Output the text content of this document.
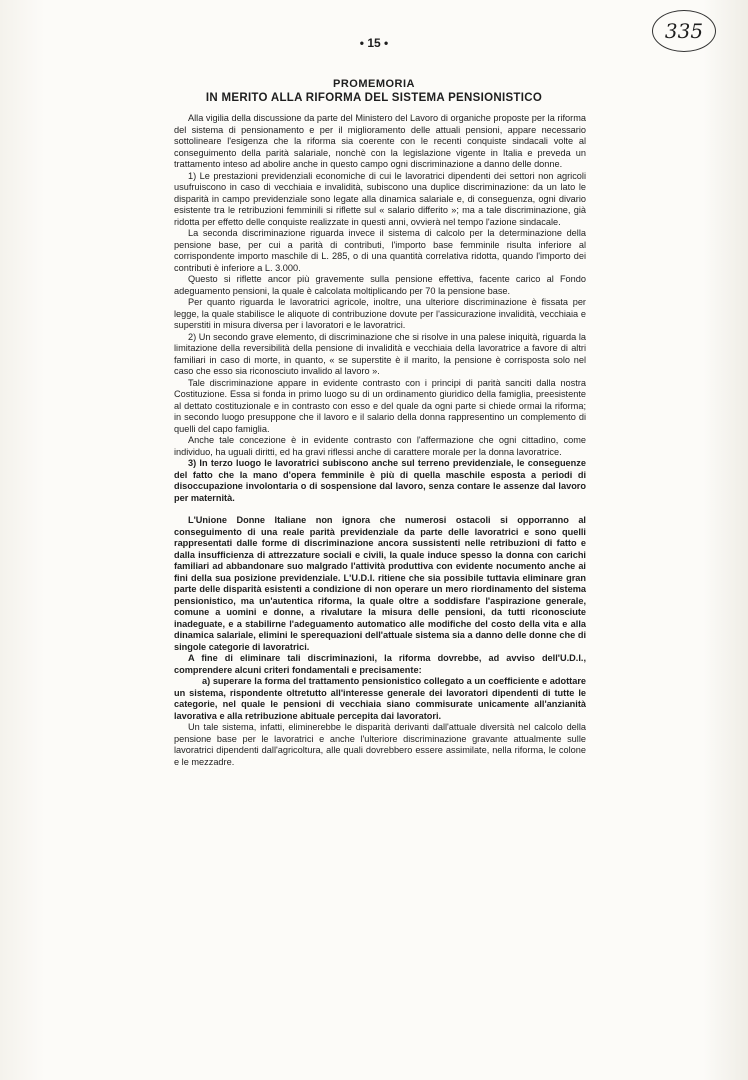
• 15 •	335
PROMEMORIA
IN MERITO ALLA RIFORMA DEL SISTEMA PENSIONISTICO

Alla vigilia della discussione da parte del Ministero del Lavoro di organiche proposte per la riforma del sistema di pensionamento e per il miglioramento delle attuali pensioni, appare necessario sottolineare l'esigenza che la riforma sia coerente con le recenti conquiste sindacali volte al conseguimento della parità salariale, nonchè con la legislazione vigente in Italia e preveda un trattamento inteso ad abolire anche in questo campo ogni discriminazione a danno delle donne.

1) Le prestazioni previdenziali economiche di cui le lavoratrici dipendenti dei settori non agricoli usufruiscono in caso di vecchiaia e invalidità, subiscono una duplice discriminazione: da un lato le disparità in campo previdenziale sono legate alla dinamica salariale e, di conseguenza, ogni divario esistente tra le retribuzioni femminili si riflette sul « salario differito »; ma a tale discriminazione, già ridotta per effetto delle conquiste realizzate in questi anni, ovvierà nel tempo l'azione sindacale.

La seconda discriminazione riguarda invece il sistema di calcolo per la determinazione della pensione base, per cui a parità di contributi, l'importo base femminile risulta inferiore al corrispondente importo maschile di L. 285, o di una quantità correlativa ridotta, quando l'importo dei contributi è inferiore a L. 3.000.

Questo si riflette ancor più gravemente sulla pensione effettiva, facente carico al Fondo adeguamento pensioni, la quale è calcolata moltiplicando per 70 la pensione base.

Per quanto riguarda le lavoratrici agricole, inoltre, una ulteriore discriminazione è fissata per legge, la quale stabilisce le aliquote di contribuzione dovute per l'assicurazione invalidità, vecchiaia e superstiti in misura diversa per i lavoratori e le lavoratrici.

2) Un secondo grave elemento, di discriminazione che si risolve in una palese iniquità, riguarda la limitazione della reversibilità della pensione di invalidità e vecchiaia della lavoratrice a favore di altri familiari in caso di morte, in quanto, « se superstite è il marito, la pensione è corrisposta solo nel caso che esso sia riconosciuto invalido al lavoro ».

Tale discriminazione appare in evidente contrasto con i principi di parità sanciti dalla nostra Costituzione. Essa si fonda in primo luogo su di un ordinamento giuridico della famiglia, preesistente al dettato costituzionale e in contrasto con esso e del quale da ogni parte si chiede ormai la riforma; in secondo luogo presuppone che il lavoro e il salario della donna rappresentino un complemento di quelli del capo famiglia.

Anche tale concezione è in evidente contrasto con l'affermazione che ogni cittadino, come individuo, ha uguali diritti, ed ha gravi riflessi anche di carattere morale per la donna lavoratrice.

3) In terzo luogo le lavoratrici subiscono anche sul terreno previdenziale, le conseguenze del fatto che la mano d'opera femminile è più di quella maschile esposta a periodi di disoccupazione involontaria o di sospensione dal lavoro, senza contare le assenze dal lavoro per maternità.

L'Unione Donne Italiane non ignora che numerosi ostacoli si opporranno al conseguimento di una reale parità previdenziale da parte delle lavoratrici e sono quelli rappresentati dalle forme di discriminazione ancora sussistenti nelle retribuzioni di fatto e dalla insufficienza di attrezzature sociali e civili, la quale induce spesso la donna con carichi familiari ad abbandonare suo malgrado l'attività produttiva con evidente nocumento anche ai fini della sua posizione previdenziale. L'U.D.I. ritiene che sia possibile tuttavia eliminare gran parte delle disparità esistenti a condizione di non operare un mero riordinamento del sistema pensionistico, ma un'autentica riforma, la quale oltre a soddisfare l'aspirazione generale, comune a uomini e donne, a rivalutare la misura delle pensioni, da tutti riconosciute inadeguate, e a stabilirne l'adeguamento automatico alle modifiche del costo della vita e alla dinamica salariale, elimini le sperequazioni dell'attuale sistema sia a danno delle donne che di singole categorie di lavoratrici.

A fine di eliminare tali discriminazioni, la riforma dovrebbe, ad avviso dell'U.D.I., comprendere alcuni criteri fondamentali e precisamente:

a) superare la forma del trattamento pensionistico collegato a un coefficiente e adottare un sistema, rispondente oltretutto all'interesse generale dei lavoratori dipendenti di tutte le categorie, nel quale le pensioni di vecchiaia siano commisurate unicamente all'anzianità lavorativa e alla retribuzione abituale percepita dai lavoratori.

Un tale sistema, infatti, eliminerebbe le disparità derivanti dall'attuale diversità nel calcolo della pensione base per le lavoratrici e anche l'ulteriore discriminazione gravante attualmente sulle lavoratrici dipendenti dall'agricoltura, alle quali dovrebbero essere assimilate, nella riforma, le colone e le mezzadre.
